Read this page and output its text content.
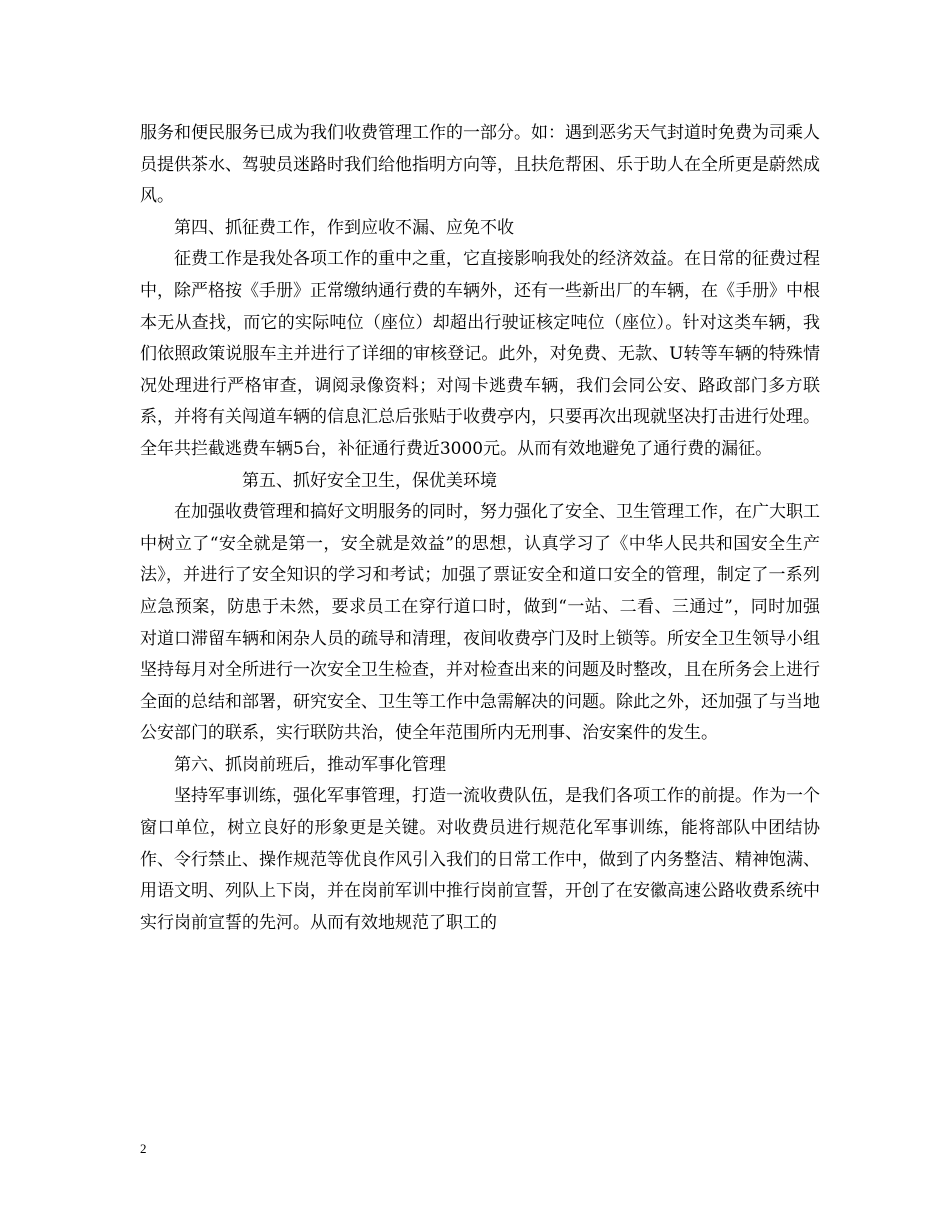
服务和便民服务已成为我们收费管理工作的一部分。如：遇到恶劣天气封道时免费为司乘人员提供茶水、驾驶员迷路时我们给他指明方向等，且扶危帮困、乐于助人在全所更是蔚然成风。

第四、抓征费工作，作到应收不漏、应免不收

征费工作是我处各项工作的重中之重，它直接影响我处的经济效益。在日常的征费过程中，除严格按《手册》正常缴纳通行费的车辆外，还有一些新出厂的车辆，在《手册》中根本无从查找，而它的实际吨位（座位）却超出行驶证核定吨位（座位）。针对这类车辆，我们依照政策说服车主并进行了详细的审核登记。此外，对免费、无款、U转等车辆的特殊情况处理进行严格审查，调阅录像资料；对闯卡逃费车辆，我们会同公安、路政部门多方联系，并将有关闯道车辆的信息汇总后张贴于收费亭内，只要再次出现就坚决打击进行处理。全年共拦截逃费车辆5台，补征通行费近3000元。从而有效地避免了通行费的漏征。

第五、抓好安全卫生，保优美环境

在加强收费管理和搞好文明服务的同时，努力强化了安全、卫生管理工作，在广大职工中树立了“安全就是第一，安全就是效益”的思想，认真学习了《中华人民共和国安全生产法》，并进行了安全知识的学习和考试；加强了票证安全和道口安全的管理，制定了一系列应急预案，防患于未然，要求员工在穿行道口时，做到“一站、二看、三通过”，同时加强对道口滞留车辆和闲杂人员的疏导和清理，夜间收费亭门及时上锁等。所安全卫生领导小组坚持每月对全所进行一次安全卫生检查，并对检查出来的问题及时整改，且在所务会上进行全面的总结和部署，研究安全、卫生等工作中急需解决的问题。除此之外，还加强了与当地公安部门的联系，实行联防共治，使全年范围所内无刑事、治安案件的发生。

第六、抓岗前班后，推动军事化管理

坚持军事训练，强化军事管理，打造一流收费队伍，是我们各项工作的前提。作为一个窗口单位，树立良好的形象更是关键。对收费员进行规范化军事训练，能将部队中团结协作、令行禁止、操作规范等优良作风引入我们的日常工作中，做到了内务整洁、精神饱满、用语文明、列队上下岗，并在岗前军训中推行岗前宣誓，开创了在安徽高速公路收费系统中实行岗前宣誓的先河。从而有效地规范了职工的

2
